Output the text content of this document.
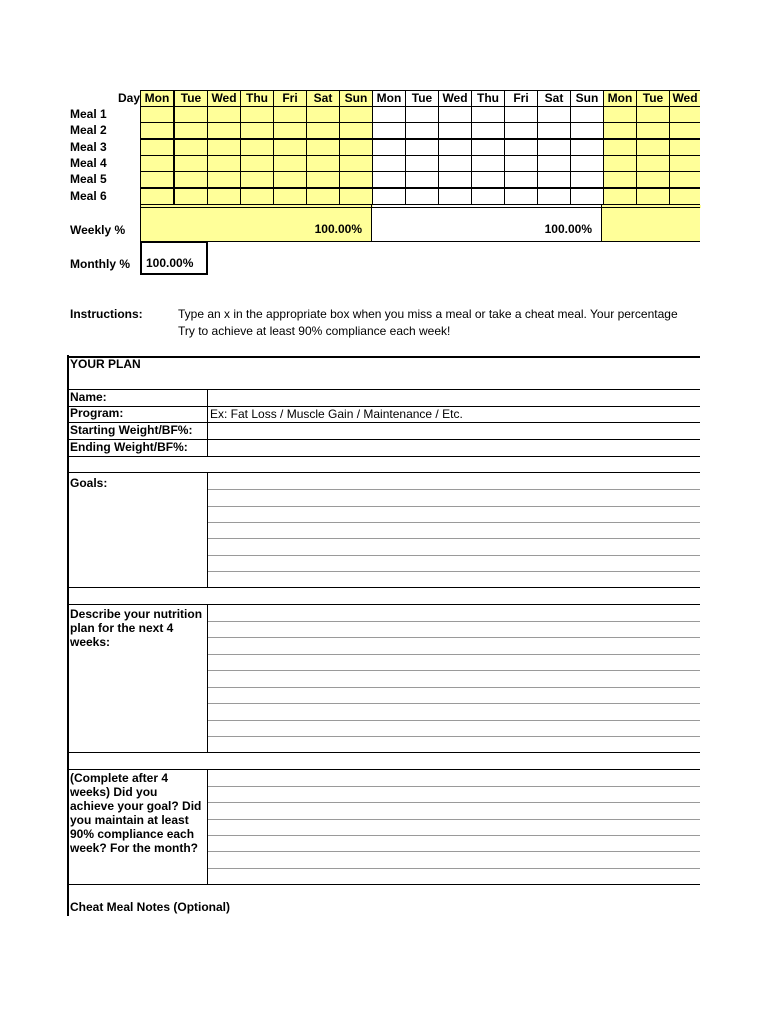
Day Mon Tue Wed Thu	Fri	Sat	Sun Mon Tue Wed Thu	Fri	Sat	Sun Mon Tue Wed
Meal 1
Meal 2
Meal 3
Meal 4
Meal 5
Meal 6
Weekly %	100.00%	100.00%
Monthly % 100.00%
Instructions:	Type an x in the appropriate box when you miss a meal or take a cheat meal. Your percentage
Try to achieve at least 90% compliance each week!
YOUR PLAN
Name:
Program:	Ex: Fat Loss / Muscle Gain / Maintenance / Etc.
Starting Weight/BF%:
Ending Weight/BF%:
Goals:
Describe your nutrition plan for the next 4 weeks:
(Complete after 4 weeks) Did you achieve your goal? Did you maintain at least 90% compliance each week? For the month?
Cheat Meal Notes (Optional)
